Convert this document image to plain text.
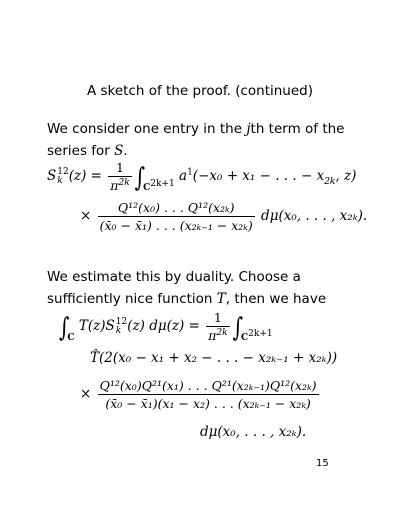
A sketch of the proof. (continued)
We consider one entry in the jth term of the series for S.
S 12
k $(z) = \frac{1}{\pi^{2k}} \int_{C^{2k+1}}$ $a^1(-x_0 + x_1$ − . . . − $x_{2k}$, z)
× $\frac{\text{Q¹²(x₀) . . . Q¹²(x₂ₖ)}}{\text{(x̄₀ − x̄₁) . . . (x₂ₖ₋₁ − x₂ₖ)}} d\mu(x_0$, . . . , x₂ₖ).
We estimate this by duality. Choose a sufficiently nice function T, then we have
$\int_C$ T(z)S 12
k (z) $d\mu(z) = \frac{1}{\pi^{2k}} \int_{C^{2k+1}}$
T̂(2(x₀ − x₁ + x₂ − . . . − x₂ₖ₋₁ + x₂ₖ))
× $\frac{\text{Q¹²(x₀)Q²¹(x₁) . . . Q²¹(x₂ₖ₋₁)Q¹²(x₂ₖ)}}{\text{(x̄₀ − x̄₁)(x₁ − x₂) . . . (x₂ₖ₋₁ − x₂ₖ)}}$
dμ(x₀, . . . , x₂ₖ).
15
